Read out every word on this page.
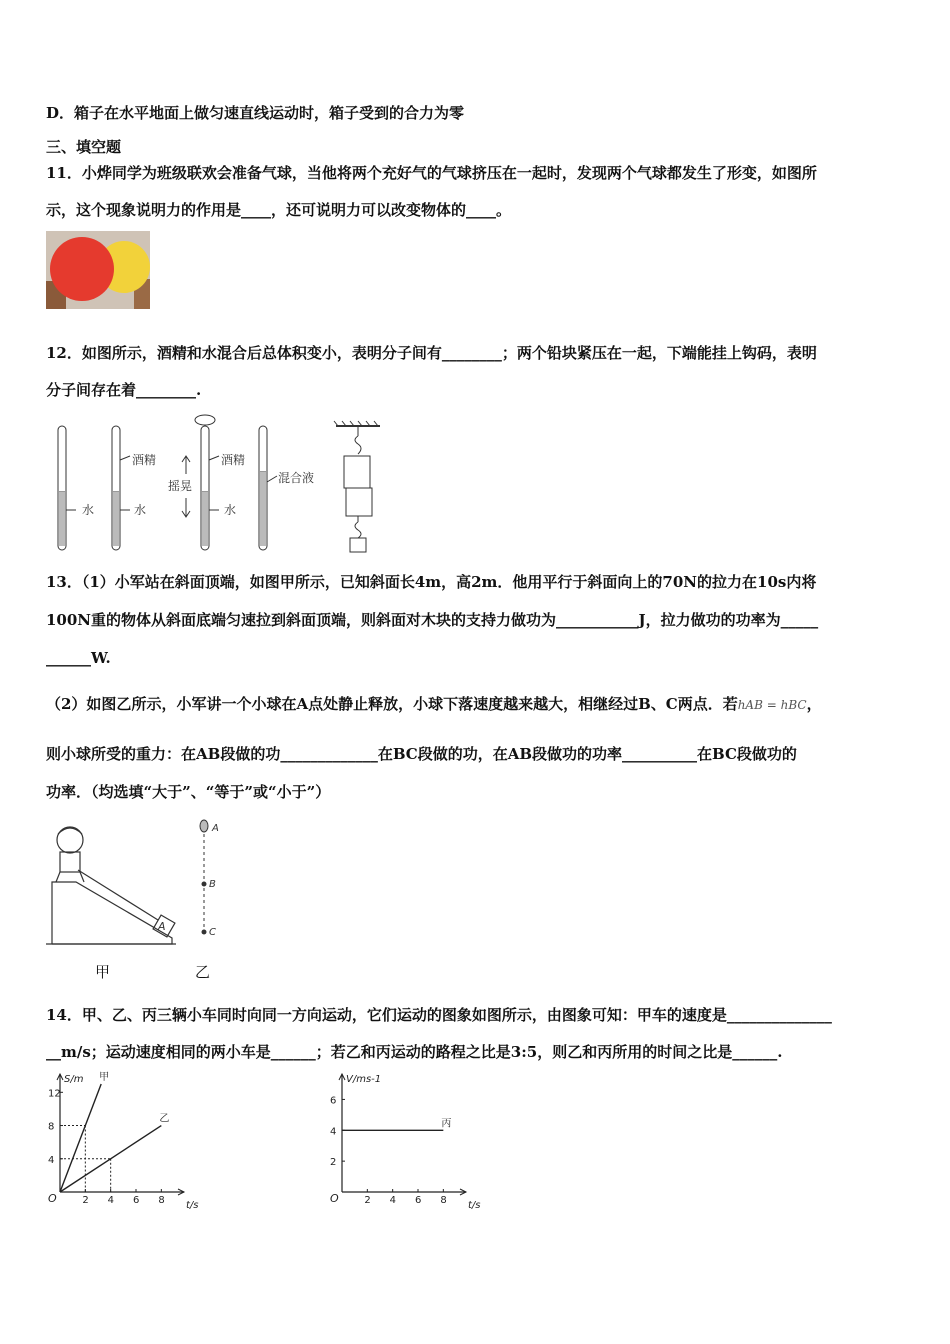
D．箱子在水平地面上做匀速直线运动时，箱子受到的合力为零
三、填空题
11．小烨同学为班级联欢会准备气球，当他将两个充好气的气球挤压在一起时，发现两个气球都发生了形变，如图所
示，这个现象说明力的作用是____，还可说明力可以改变物体的____。
12．如图所示，酒精和水混合后总体积变小，表明分子间有________；两个铅块紧压在一起，下端能挂上钩码，表明
分子间存在着________.
水
酒精
水
摇晃
酒精
水
混合液
13．（1）小军站在斜面顶端，如图甲所示，已知斜面长4m，高2m．他用平行于斜面向上的70N的拉力在10s内将
100N重的物体从斜面底端匀速拉到斜面顶端，则斜面对木块的支持力做功为___________J，拉力做功的功率为_____
______W.
（2）如图乙所示，小军讲一个小球在A点处静止释放，小球下落速度越来越大，相继经过B、C两点．若hAB = hBC，
则小球所受的重力：在AB段做的功_____________在BC段做的功，在AB段做功的功率__________在BC段做功的
功率．（均选填“大于”、“等于”或“小于”）
A
A
B
C
甲	乙
14．甲、乙、丙三辆小车同时向同一方向运动，它们运动的图象如图所示，由图象可知：甲车的速度是______________
__m/s；运动速度相同的两小车是______；若乙和丙运动的路程之比是3:5，则乙和丙所用的时间之比是______.
O
S/m
t/s
2 4 6 8
4
8
12
甲
乙
O
V/ms-1
t/s
2 4 6 8
2
4
6
丙
